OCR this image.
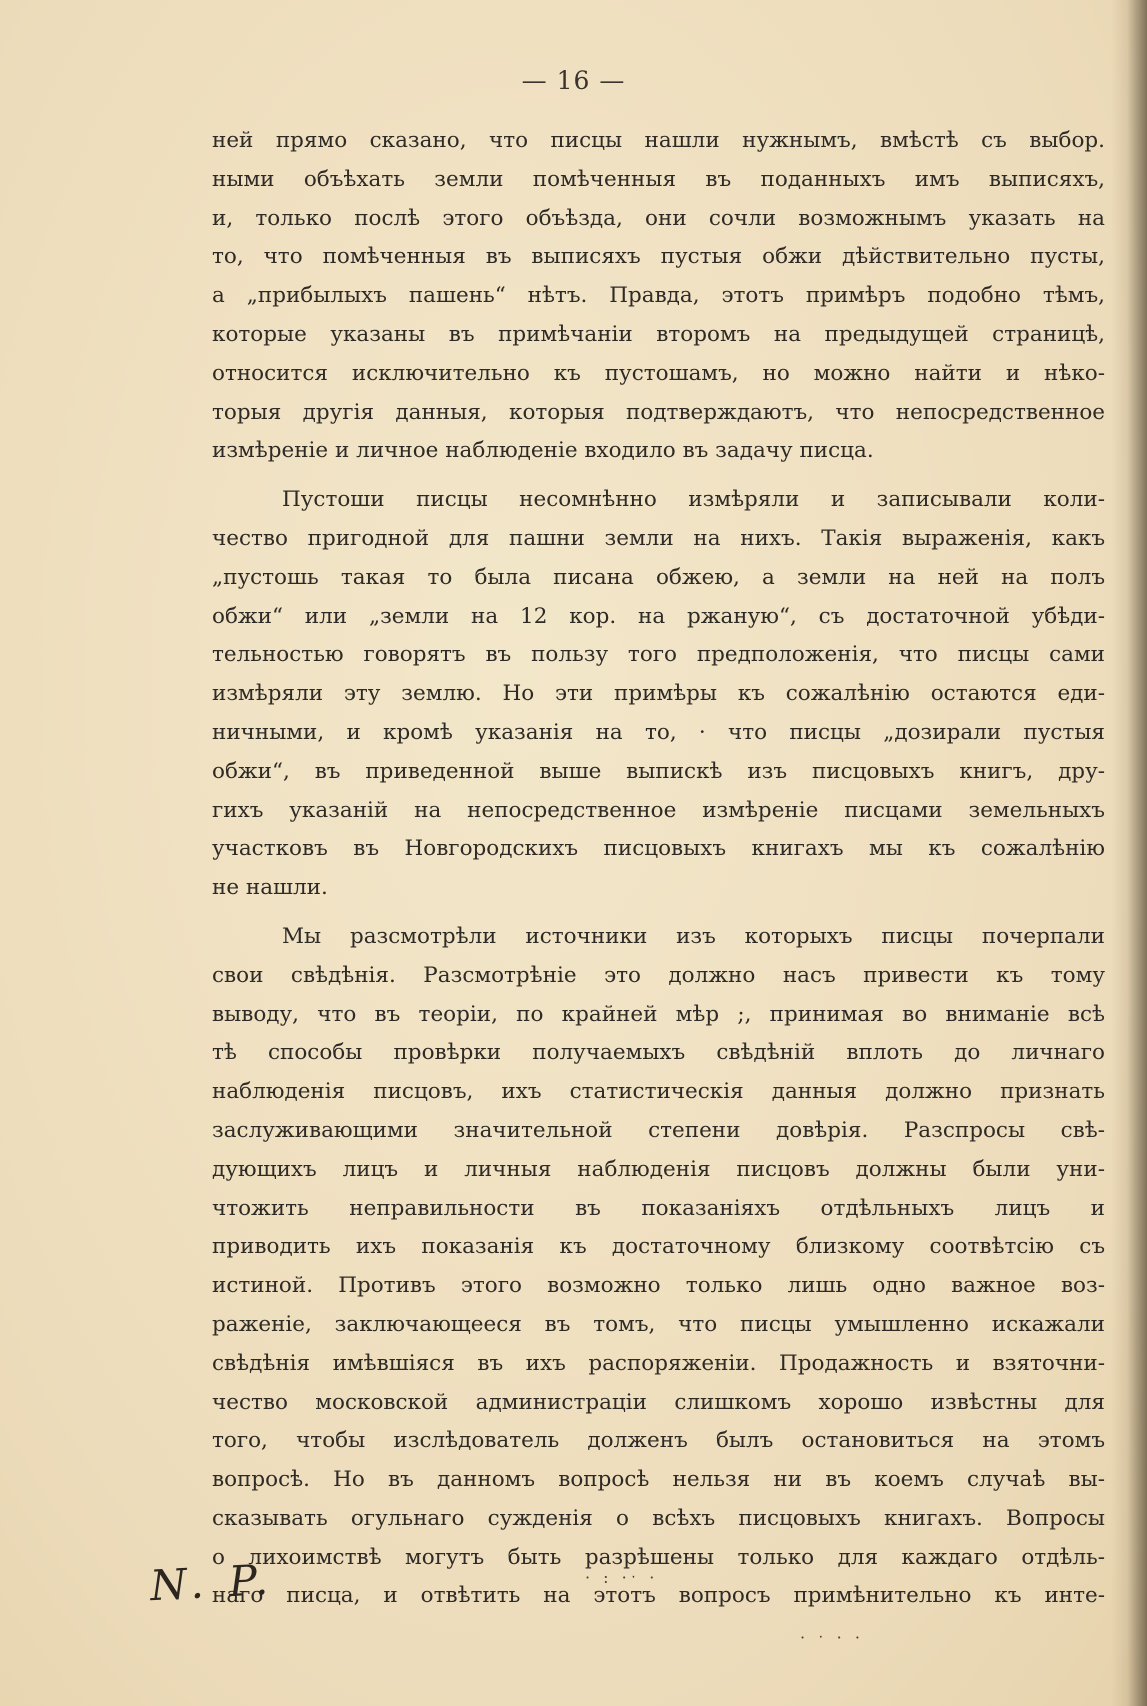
— 16 —
ней прямо сказано, что писцы нашли нужнымъ, вмѣстѣ съ выбор.
ными объѣхать земли помѣченныя въ поданныхъ имъ выписяхъ,
и, только послѣ этого объѣзда, они сочли возможнымъ указать на
то, что помѣченныя въ выписяхъ пустыя обжи дѣйствительно пусты,
а „прибылыхъ пашень“ нѣтъ. Правда, этотъ примѣръ подобно тѣмъ,
которые указаны въ примѣчанiи второмъ на предыдущей страницѣ,
относится исключительно къ пустошамъ, но можно найти и нѣко-
торыя другiя данныя, которыя подтверждаютъ, что непосредственное
измѣренiе и личное наблюденiе входило въ задачу писца.
Пустоши писцы несомнѣнно измѣряли и записывали коли-
чество пригодной для пашни земли на нихъ. Такiя выраженiя, какъ
„пустошь такая то была писана обжею, а земли на ней на полъ
обжи“ или „земли на 12 кор. на ржаную“, съ достаточной убѣди-
тельностью говорятъ въ пользу того предположенiя, что писцы сами
измѣряли эту землю. Но эти примѣры къ сожалѣнiю остаются еди-
ничными, и кромѣ указанiя на то, · что писцы „дозирали пустыя
обжи“, въ приведенной выше выпискѣ изъ писцовыхъ книгъ, дру-
гихъ указанiй на непосредственное измѣренiе писцами земельныхъ
участковъ въ Новгородскихъ писцовыхъ книгахъ мы къ сожалѣнiю
не нашли.
Мы разсмотрѣли источники изъ которыхъ писцы почерпали
свои свѣдѣнiя. Разсмотрѣнiе это должно насъ привести къ тому
выводу, что въ теорiи, по крайней мѣр ;, принимая во вниманiе всѣ
тѣ способы провѣрки получаемыхъ свѣдѣнiй вплоть до личнаго
наблюденiя писцовъ, ихъ статистическiя данныя должно признать
заслуживающими значительной степени довѣрiя. Разспросы свѣ-
дующихъ лицъ и личныя наблюденiя писцовъ должны были уни-
чтожить неправильности въ показанiяхъ отдѣльныхъ лицъ и
приводить ихъ показанiя къ достаточному близкому соотвѣтсiю съ
истиной. Противъ этого возможно только лишь одно важное воз-
раженiе, заключающееся въ томъ, что писцы умышленно искажали
свѣдѣнiя имѣвшiяся въ ихъ распоряженiи. Продажность и взяточни-
чество московской администрацiи слишкомъ хорошо извѣстны для
того, чтобы изслѣдователь долженъ былъ остановиться на этомъ
вопросѣ. Но въ данномъ вопросѣ нельзя ни въ коемъ случаѣ вы-
сказывать огульнаго сужденiя о всѣхъ писцовыхъ книгахъ. Вопросы
о лихоимствѣ могутъ быть разрѣшены только для каждаго отдѣль-
наго писца, и отвѣтить на этотъ вопросъ примѣнительно къ инте-
N. P.	· : ·ˑ ·
· ˑ · ·
